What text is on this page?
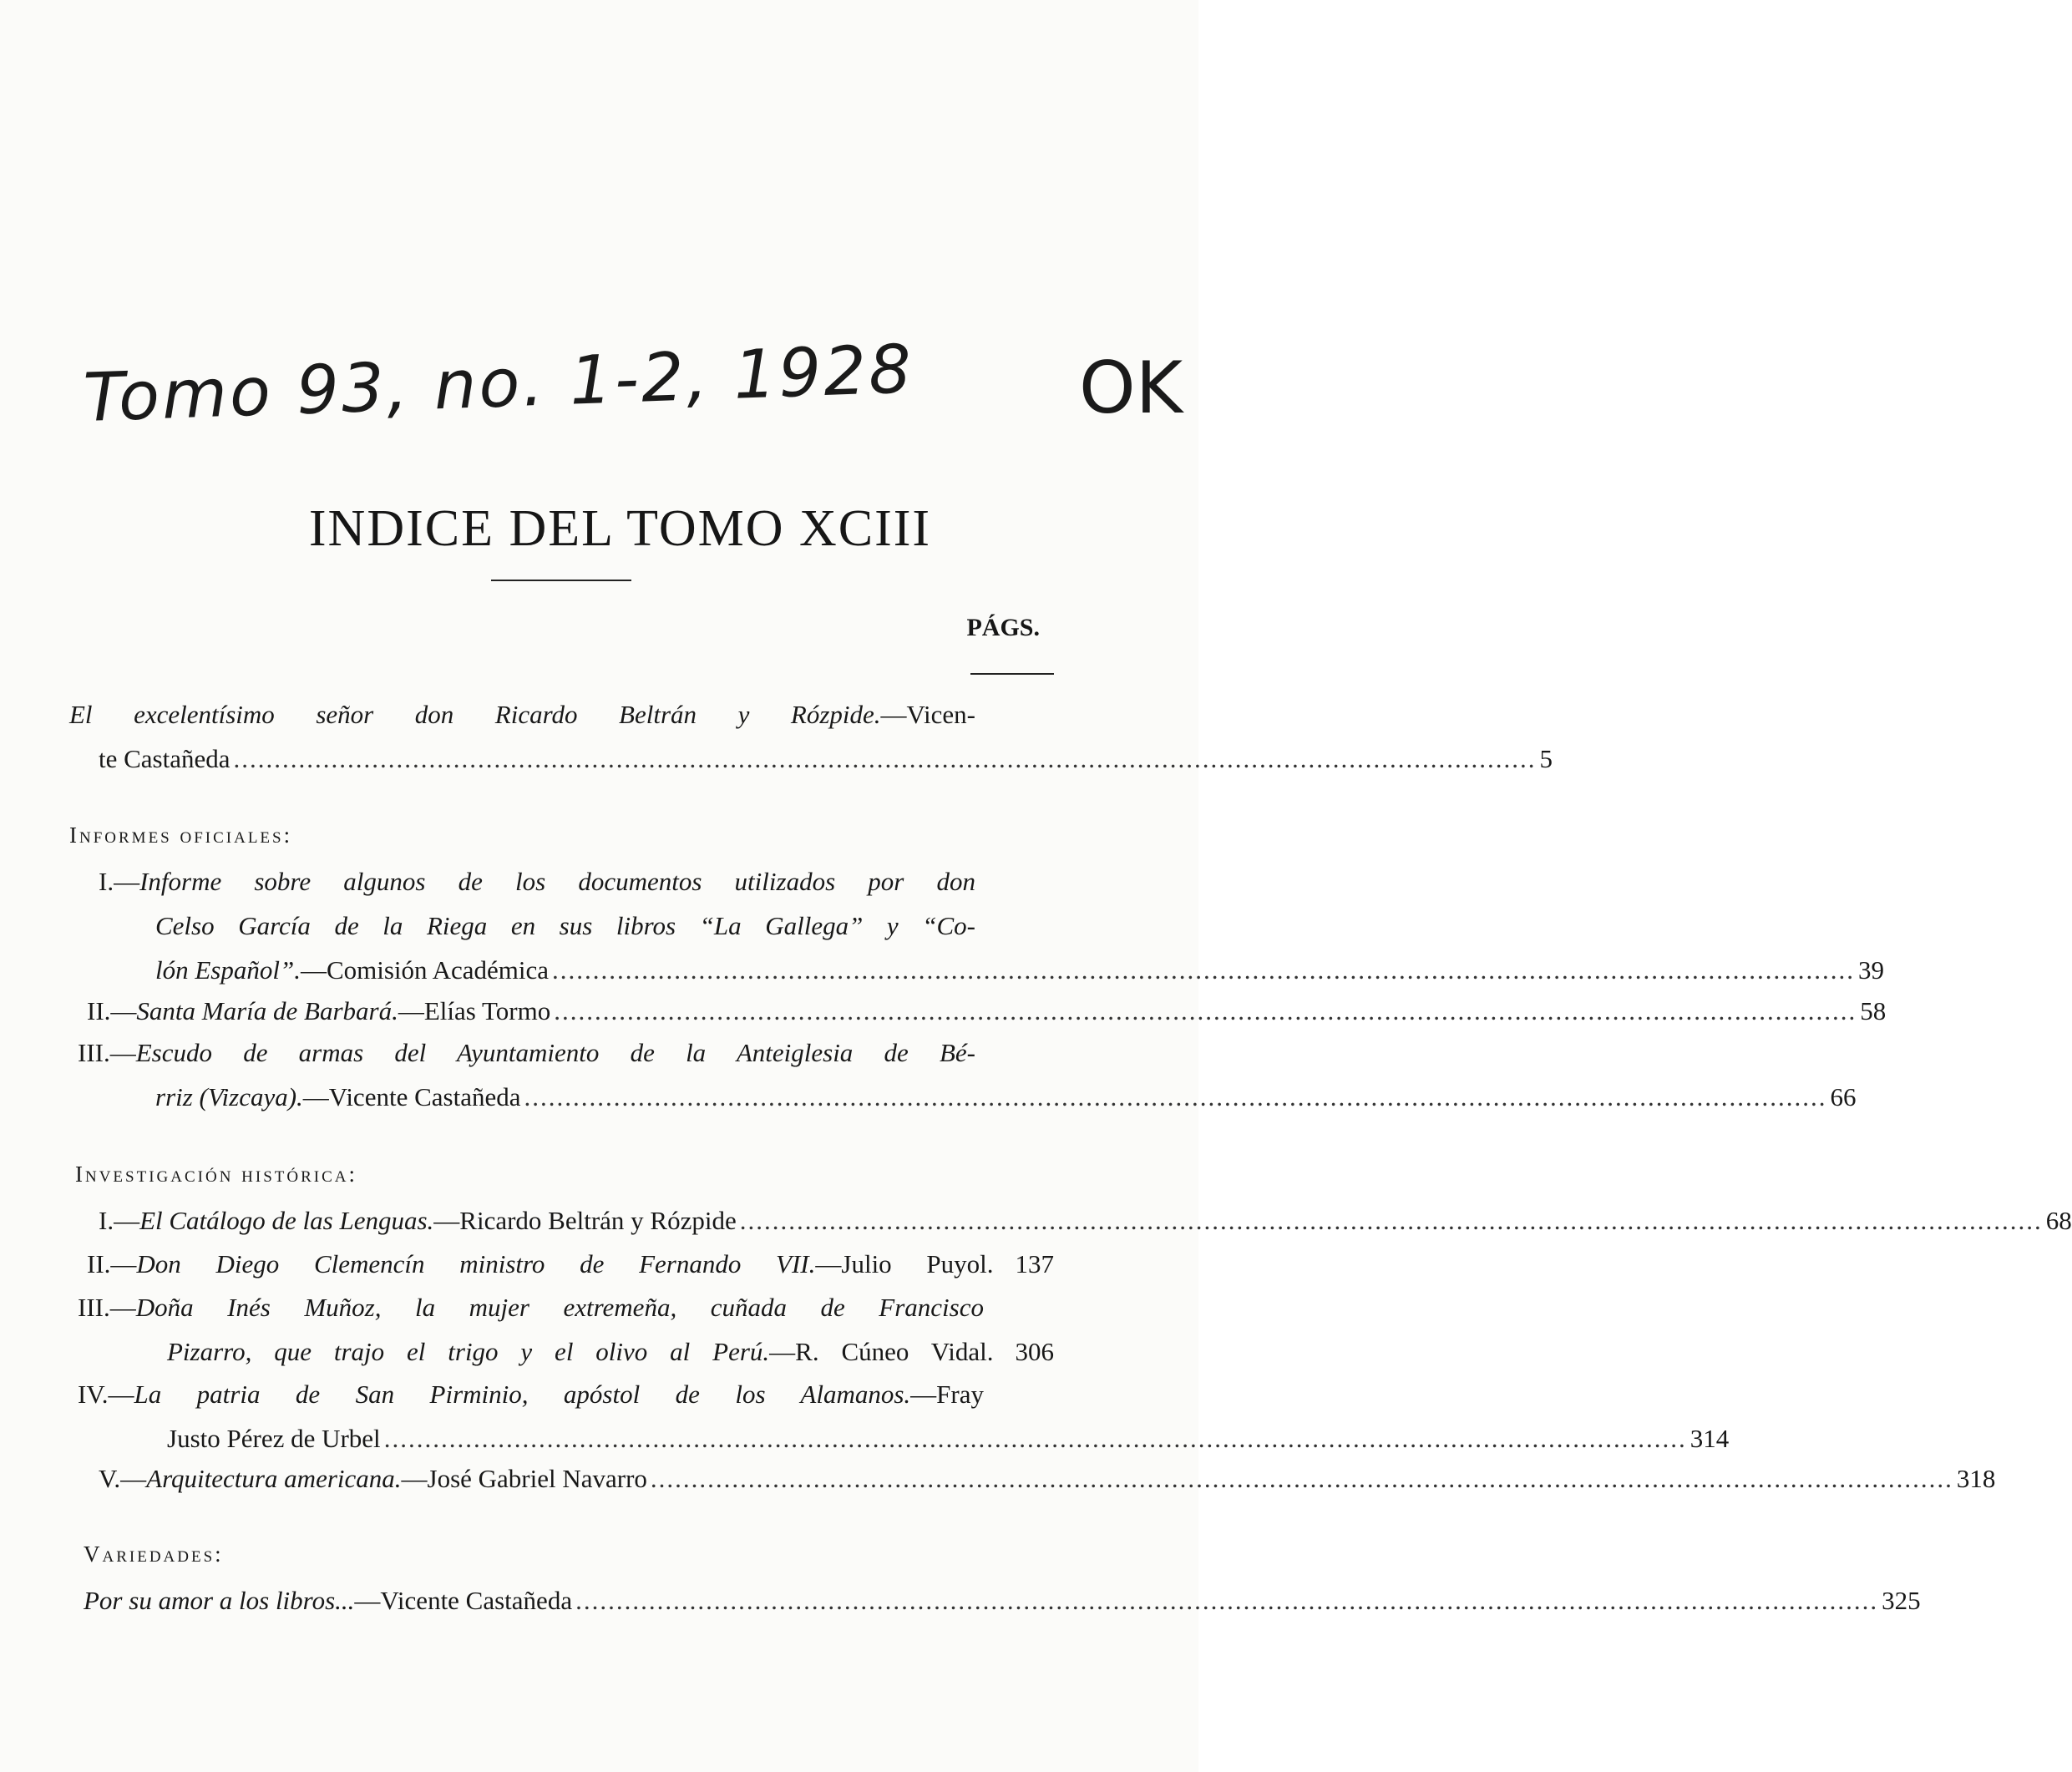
Tomo 93, no. 1-2, 1928 OK
INDICE DEL TOMO XCIII
PÁGS.
El excelentísimo señor don Ricardo Beltrán y Rózpide.—Vicen-
te Castañeda ................................................................................................................................................................ 5
Informes oficiales:
I.—Informe sobre algunos de los documentos utilizados por don
Celso García de la Riega en sus libros “La Gallega” y “Co-
lón Español”.—Comisión Académica ................................................................................................................................................................ 39
II.—Santa María de Barbará.—Elías Tormo ................................................................................................................................................................ 58
III.—Escudo de armas del Ayuntamiento de la Anteiglesia de Bé-
rriz (Vizcaya).—Vicente Castañeda ................................................................................................................................................................ 66
Investigación histórica:
I.—El Catálogo de las Lenguas.—Ricardo Beltrán y Rózpide ................................................................................................................................................................ 68
II.—Don Diego Clemencín ministro de Fernando VII.—Julio Puyol. 137
III.—Doña Inés Muñoz, la mujer extremeña, cuñada de Francisco
Pizarro, que trajo el trigo y el olivo al Perú.—R. Cúneo Vidal. 306
IV.—La patria de San Pirminio, apóstol de los Alamanos.—Fray
Justo Pérez de Urbel ................................................................................................................................................................ 314
V.—Arquitectura americana.—José Gabriel Navarro ................................................................................................................................................................ 318
Variedades:
Por su amor a los libros...—Vicente Castañeda ................................................................................................................................................................ 325
